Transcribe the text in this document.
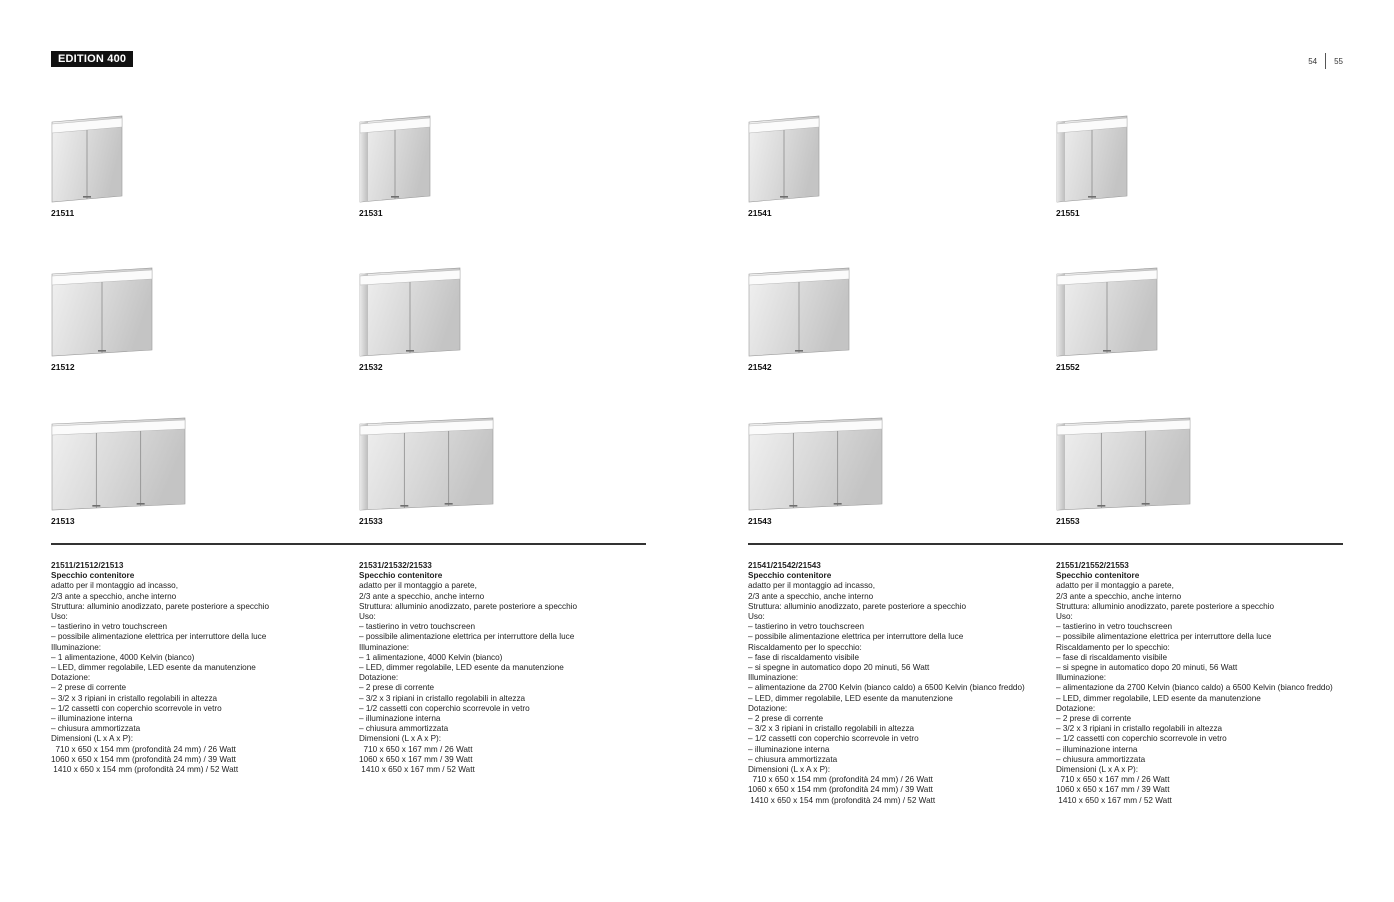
EDITION 400	54 55
21511	21531	21541	21551
21512	21532	21542	21552
21513	21533	21543	21553
21511/21512/21513
Specchio contenitore
adatto per il montaggio ad incasso,
2/3 ante a specchio, anche interno
Struttura: alluminio anodizzato, parete posteriore a specchio
Uso:
– tastierino in vetro touchscreen
– possibile alimentazione elettrica per interruttore della luce
Illuminazione:
– 1 alimentazione, 4000 Kelvin (bianco)
– LED, dimmer regolabile, LED esente da manutenzione
Dotazione:
– 2 prese di corrente
– 3/2 x 3 ripiani in cristallo regolabili in altezza
– 1/2 cassetti con coperchio scorrevole in vetro
– illuminazione interna
– chiusura ammortizzata
Dimensioni (L x A x P):
710 x 650 x 154 mm (profondità 24 mm) / 26 Watt
1060 x 650 x 154 mm (profondità 24 mm) / 39 Watt
1410 x 650 x 154 mm (profondità 24 mm) / 52 Watt
21531/21532/21533
Specchio contenitore
adatto per il montaggio a parete,
2/3 ante a specchio, anche interno
Struttura: alluminio anodizzato, parete posteriore a specchio
Uso:
– tastierino in vetro touchscreen
– possibile alimentazione elettrica per interruttore della luce
Illuminazione:
– 1 alimentazione, 4000 Kelvin (bianco)
– LED, dimmer regolabile, LED esente da manutenzione
Dotazione:
– 2 prese di corrente
– 3/2 x 3 ripiani in cristallo regolabili in altezza
– 1/2 cassetti con coperchio scorrevole in vetro
– illuminazione interna
– chiusura ammortizzata
Dimensioni (L x A x P):
710 x 650 x 167 mm / 26 Watt
1060 x 650 x 167 mm / 39 Watt
1410 x 650 x 167 mm / 52 Watt
21541/21542/21543
Specchio contenitore
adatto per il montaggio ad incasso,
2/3 ante a specchio, anche interno
Struttura: alluminio anodizzato, parete posteriore a specchio
Uso:
– tastierino in vetro touchscreen
– possibile alimentazione elettrica per interruttore della luce
Riscaldamento per lo specchio:
– fase di riscaldamento visibile
– si spegne in automatico dopo 20 minuti, 56 Watt
Illuminazione:
– alimentazione da 2700 Kelvin (bianco caldo) a 6500 Kelvin (bianco freddo)
– LED, dimmer regolabile, LED esente da manutenzione
Dotazione:
– 2 prese di corrente
– 3/2 x 3 ripiani in cristallo regolabili in altezza
– 1/2 cassetti con coperchio scorrevole in vetro
– illuminazione interna
– chiusura ammortizzata
Dimensioni (L x A x P):
710 x 650 x 154 mm (profondità 24 mm) / 26 Watt
1060 x 650 x 154 mm (profondità 24 mm) / 39 Watt
1410 x 650 x 154 mm (profondità 24 mm) / 52 Watt
21551/21552/21553
Specchio contenitore
adatto per il montaggio a parete,
2/3 ante a specchio, anche interno
Struttura: alluminio anodizzato, parete posteriore a specchio
Uso:
– tastierino in vetro touchscreen
– possibile alimentazione elettrica per interruttore della luce
Riscaldamento per lo specchio:
– fase di riscaldamento visibile
– si spegne in automatico dopo 20 minuti, 56 Watt
Illuminazione:
– alimentazione da 2700 Kelvin (bianco caldo) a 6500 Kelvin (bianco freddo)
– LED, dimmer regolabile, LED esente da manutenzione
Dotazione:
– 2 prese di corrente
– 3/2 x 3 ripiani in cristallo regolabili in altezza
– 1/2 cassetti con coperchio scorrevole in vetro
– illuminazione interna
– chiusura ammortizzata
Dimensioni (L x A x P):
710 x 650 x 167 mm / 26 Watt
1060 x 650 x 167 mm / 39 Watt
1410 x 650 x 167 mm / 52 Watt
